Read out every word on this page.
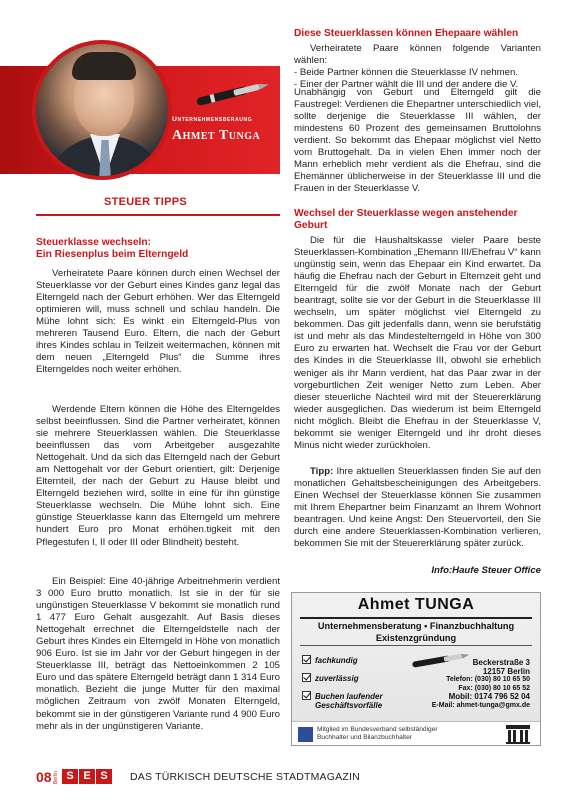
Unternehmensberaung
Ahmet Tunga
STEUER TIPPS
Steuerklasse wechseln:
Ein Riesenplus beim Elterngeld

Verheiratete Paare können durch einen Wechsel der Steuerklasse vor der Geburt eines Kindes ganz legal das Elterngeld nach der Geburt erhöhen. Wer das Elterngeld optimieren will, muss schnell und schlau handeln. Die Mühe lohnt sich: Es winkt ein Elterngeld-Plus von mehreren Tausend Euro. Eltern, die nach der Geburt ihres Kindes schlau in Teilzeit weitermachen, können mit dem neuen „Elterngeld Plus“ die Summe ihres Elterngeldes noch weiter erhöhen.

Werdende Eltern können die Höhe des Elterngeldes selbst beeinflussen. Sind die Partner verheiratet, können sie mehrere Steuerklassen wählen. Die Steuerklasse beeinflussen das vom Arbeitgeber ausgezahlte Nettogehalt. Und da sich das Elterngeld nach der Geburt am Nettogehalt vor der Geburt orientiert, gilt: Derjenige Elternteil, der nach der Geburt zu Hause bleibt und Elterngeld beziehen wird, sollte in eine für ihn günstige Steuerklasse wechseln. Die Mühe lohnt sich. Eine günstige Steuerklasse kann das Elterngeld um mehrere hundert Euro pro Monat erhöhen.tigkeit mit den Pflegestufen I, II oder III oder Blindheit) besteht.

Ein Beispiel: Eine 40-jährige Arbeitnehmerin verdient 3 000 Euro brutto monatlich. Ist sie in der für sie ungünstigen Steuerklasse V bekommt sie monatlich rund 1 477 Euro Gehalt ausgezahlt. Auf Basis dieses Nettogehalt errechnet die Elterngeldstelle nach der Geburt ihres Kindes ein Elterngeld in Höhe von monatlich 906 Euro. Ist sie im Jahr vor der Geburt hingegen in der Steuerklasse III, beträgt das Nettoeinkommen 2 105 Euro und das spätere Elterngeld beträgt dann 1 314 Euro monatlich. Bezieht die junge Mutter für den maximal möglichen Zeitraum von zwölf Monaten Elterngeld, bekommt sie in der günstigeren Variante rund 4 900 Euro mehr als in der ungünstigeren Variante.

Diese Steuerklassen können Ehepaare wählen

Verheiratete Paare können folgende Varianten wählen:

- Beide Partner können die Steuerklasse IV nehmen.

- Einer der Partner wählt die III und der andere die V.

Unabhängig von Geburt und Elterngeld gilt die Faustregel: Verdienen die Ehepartner unterschiedlich viel, sollte derjenige die Steuerklasse III wählen, der mindestens 60 Prozent des gemeinsamen Bruttolohns verdient. So bekommt das Ehepaar möglichst viel Netto vom Bruttogehalt. Da in vielen Ehen immer noch der Mann erheblich mehr verdient als die Ehefrau, sind die Ehemänner üblicherweise in der Steuerklasse III und die Frauen in der Steuerklasse V.

Wechsel der Steuerklasse wegen anstehender Geburt

Die für die Haushaltskasse vieler Paare beste Steuerklassen-Kombination „Ehemann III/Ehefrau V“ kann ungünstig sein, wenn das Ehepaar ein Kind erwartet. Da häufig die Ehefrau nach der Geburt in Elternzeit geht und Elterngeld für die zwölf Monate nach der Geburt beantragt, sollte sie vor der Geburt in die Steuerklasse III wechseln, um später möglichst viel Elterngeld zu bekommen. Das gilt jedenfalls dann, wenn sie berufstätig ist und mehr als das Mindestelterngeld in Höhe von 300 Euro zu erwarten hat. Wechselt die Frau vor der Geburt des Kindes in die Steuerklasse III, obwohl sie erheblich weniger als ihr Mann verdient, hat das Paar zwar in der vorgeburtlichen Zeit weniger Netto zum Leben. Aber dieser steuerliche Nachteil wird mit der Steuererklärung wieder ausgeglichen. Das wiederum ist beim Elterngeld nicht möglich. Bleibt die Ehefrau in der Steuerklasse V, bekommt sie weniger Elterngeld und ihr droht dieses Minus nicht wieder zurückholen.

Tipp: Ihre aktuellen Steuerklassen finden Sie auf den monatlichen Gehaltsbescheinigungen des Arbeitgebers. Einen Wechsel der Steuerklasse können Sie zusammen mit Ihrem Ehepartner beim Finanzamt an Ihrem Wohnort beantragen. Und keine Angst: Den Steuervorteil, den Sie durch eine andere Steuerklassen-Kombination verlieren, bekommen Sie mit der Steuererklärung später zurück.

Info:Haufe Steuer Office
Ahmet TUNGA
Unternehmensberatung • Finanzbuchhaltung
Existenzgründung
fachkundig
zuverlässig
Buchen laufender
Geschäftsvorfälle
Beckerstraße 3
12157 Berlin
Telefon: (030) 80 10 65 50
Fax: (030) 80 10 65 52
Mobil: 0174 796 52 04
E-Mail: ahmet-tunga@gmx.de
Mitglied im Bundesverband selbständiger
Buchhalter und Bilanzbuchhalter
08 Berlin S E S	DAS TÜRKISCH DEUTSCHE STADTMAGAZIN
